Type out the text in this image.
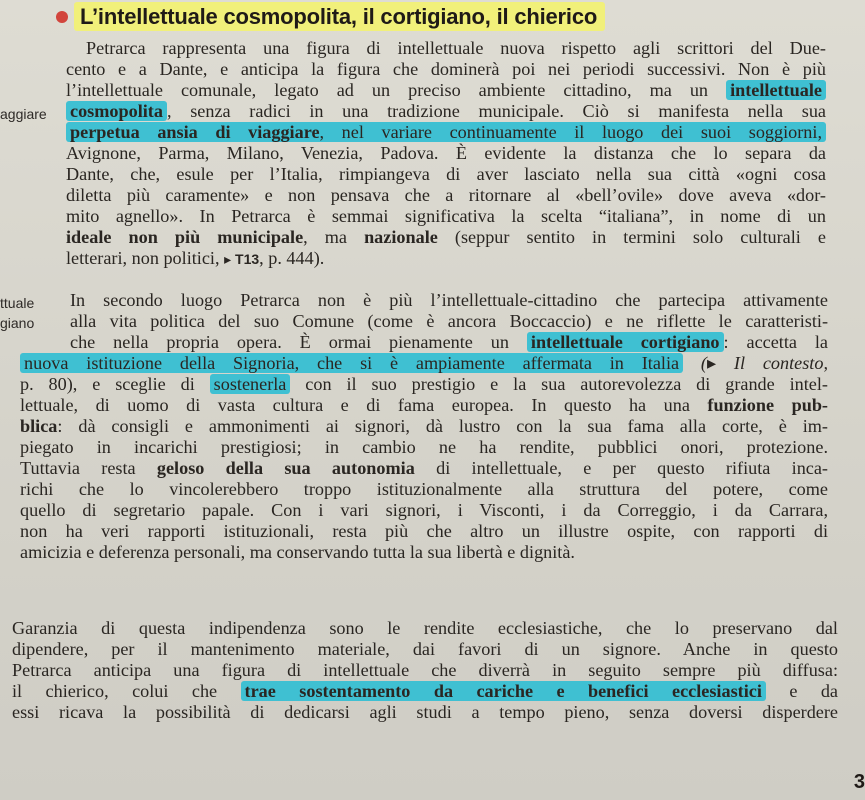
L’intellettuale cosmopolita, il cortigiano, il chierico
aggiare
ttuale
giano
Petrarca rappresenta una figura di intellettuale nuova rispetto agli scrittori del Due-
cento e a Dante, e anticipa la figura che dominerà poi nei periodi successivi. Non è più
l’intellettuale comunale, legato ad un preciso ambiente cittadino, ma un intellettuale
cosmopolita , senza radici in una tradizione municipale. Ciò si manifesta nella sua
perpetua ansia di viaggiare, nel variare continuamente il luogo dei suoi soggiorni,
Avignone, Parma, Milano, Venezia, Padova. È evidente la distanza che lo separa da
Dante, che, esule per l’Italia, rimpiangeva di aver lasciato nella sua città «ogni cosa
diletta più caramente» e non pensava che a ritornare al «bell’ovile» dove aveva «dor-
mito agnello». In Petrarca è semmai significativa la scelta “italiana”, in nome di un
ideale non più municipale, ma nazionale (seppur sentito in termini solo culturali e
letterari, non politici, ▸ T13, p. 444).
In secondo luogo Petrarca non è più l’intellettuale-cittadino che partecipa attivamente
alla vita politica del suo Comune (come è ancora Boccaccio) e ne riflette le caratteristi-
che nella propria opera. È ormai pienamente un intellettuale cortigiano : accetta la
nuova istituzione della Signoria, che si è ampiamente affermata in Italia (▸ Il contesto,
p. 80), e sceglie di sostenerla con il suo prestigio e la sua autorevolezza di grande intel-
lettuale, di uomo di vasta cultura e di fama europea. In questo ha una funzione pub-
blica: dà consigli e ammonimenti ai signori, dà lustro con la sua fama alla corte, è im-
piegato in incarichi prestigiosi; in cambio ne ha rendite, pubblici onori, protezione.
Tuttavia resta geloso della sua autonomia di intellettuale, e per questo rifiuta inca-
richi che lo vincolerebbero troppo istituzionalmente alla struttura del potere, come
quello di segretario papale. Con i vari signori, i Visconti, i da Correggio, i da Carrara,
non ha veri rapporti istituzionali, resta più che altro un illustre ospite, con rapporti di
amicizia e deferenza personali, ma conservando tutta la sua libertà e dignità.
Garanzia di questa indipendenza sono le rendite ecclesiastiche, che lo preservano dal
dipendere, per il mantenimento materiale, dai favori di un signore. Anche in questo
Petrarca anticipa una figura di intellettuale che diverrà in seguito sempre più diffusa:
il chierico, colui che trae sostentamento da cariche e benefici ecclesiastici e da
essi ricava la possibilità di dedicarsi agli studi a tempo pieno, senza doversi disperdere
3
